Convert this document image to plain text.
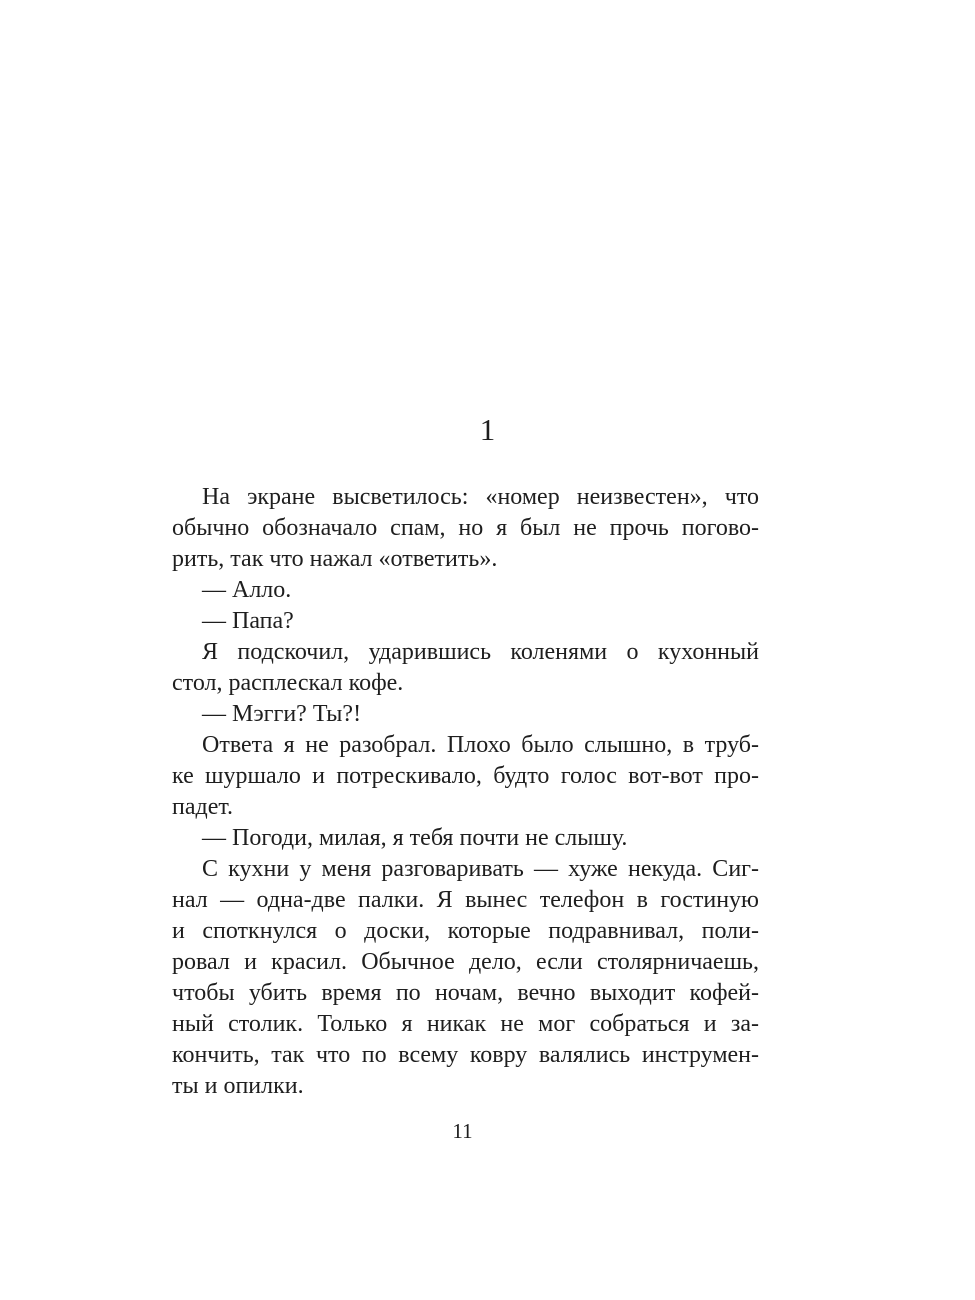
1
На экране высветилось: «номер неизвестен», что
обычно обозначало спам, но я был не прочь погово-
рить, так что нажал «ответить».
— Алло.
— Папа?
Я подскочил, ударившись коленями о кухонный
стол, расплескал кофе.
— Мэгги? Ты?!
Ответа я не разобрал. Плохо было слышно, в труб-
ке шуршало и потрескивало, будто голос вот-вот про-
падет.
— Погоди, милая, я тебя почти не слышу.
С кухни у меня разговаривать — хуже некуда. Сиг-
нал — одна-две палки. Я вынес телефон в гостиную
и споткнулся о доски, которые подравнивал, поли-
ровал и красил. Обычное дело, если столярничаешь,
чтобы убить время по ночам, вечно выходит кофей-
ный столик. Только я никак не мог собраться и за-
кончить, так что по всему ковру валялись инструмен-
ты и опилки.
11
